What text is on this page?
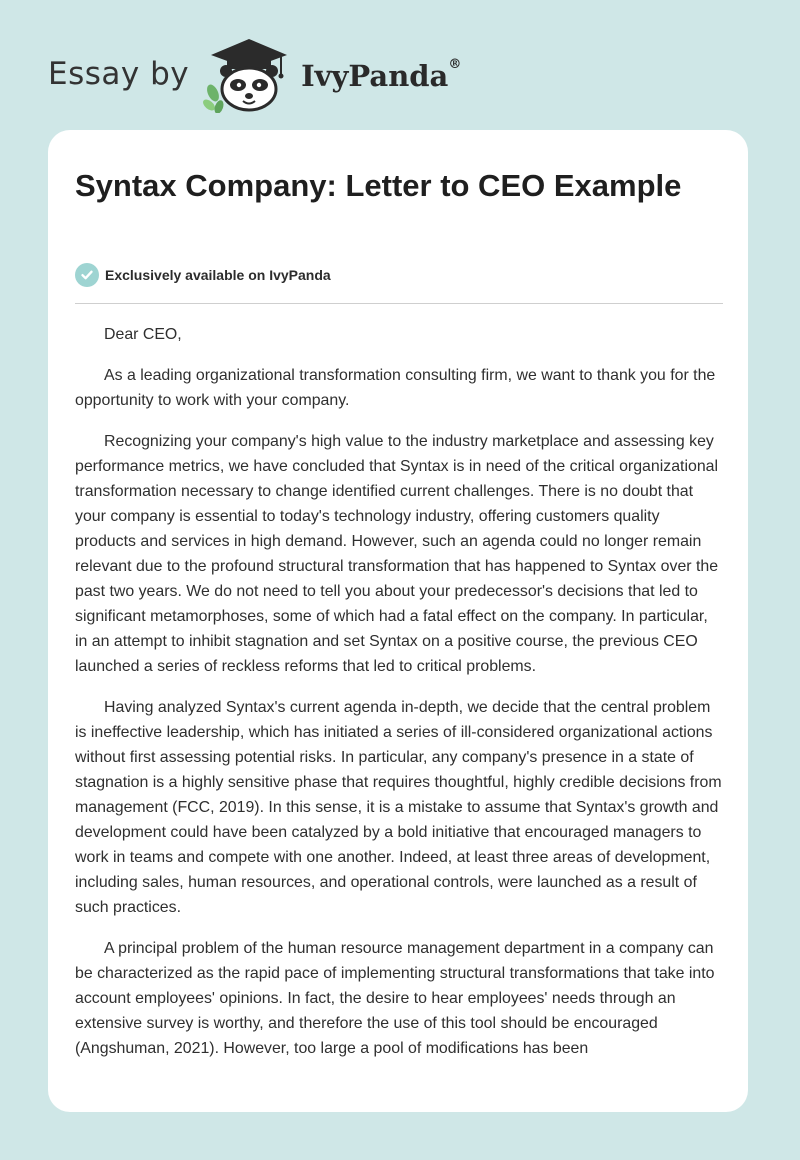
Essay by	IvyPanda®
Syntax Company: Letter to CEO Example
Exclusively available on IvyPanda

Dear CEO,

As a leading organizational transformation consulting firm, we want to thank you for the opportunity to work with your company.

Recognizing your company's high value to the industry marketplace and assessing key performance metrics, we have concluded that Syntax is in need of the critical organizational transformation necessary to change identified current challenges. There is no doubt that your company is essential to today's technology industry, offering customers quality products and services in high demand. However, such an agenda could no longer remain relevant due to the profound structural transformation that has happened to Syntax over the past two years. We do not need to tell you about your predecessor's decisions that led to significant metamorphoses, some of which had a fatal effect on the company. In particular, in an attempt to inhibit stagnation and set Syntax on a positive course, the previous CEO launched a series of reckless reforms that led to critical problems.

Having analyzed Syntax's current agenda in-depth, we decide that the central problem is ineffective leadership, which has initiated a series of ill-considered organizational actions without first assessing potential risks. In particular, any company's presence in a state of stagnation is a highly sensitive phase that requires thoughtful, highly credible decisions from management (FCC, 2019). In this sense, it is a mistake to assume that Syntax's growth and development could have been catalyzed by a bold initiative that encouraged managers to work in teams and compete with one another. Indeed, at least three areas of development, including sales, human resources, and operational controls, were launched as a result of such practices.

A principal problem of the human resource management department in a company can be characterized as the rapid pace of implementing structural transformations that take into account employees' opinions. In fact, the desire to hear employees' needs through an extensive survey is worthy, and therefore the use of this tool should be encouraged (Angshuman, 2021). However, too large a pool of modifications has been
